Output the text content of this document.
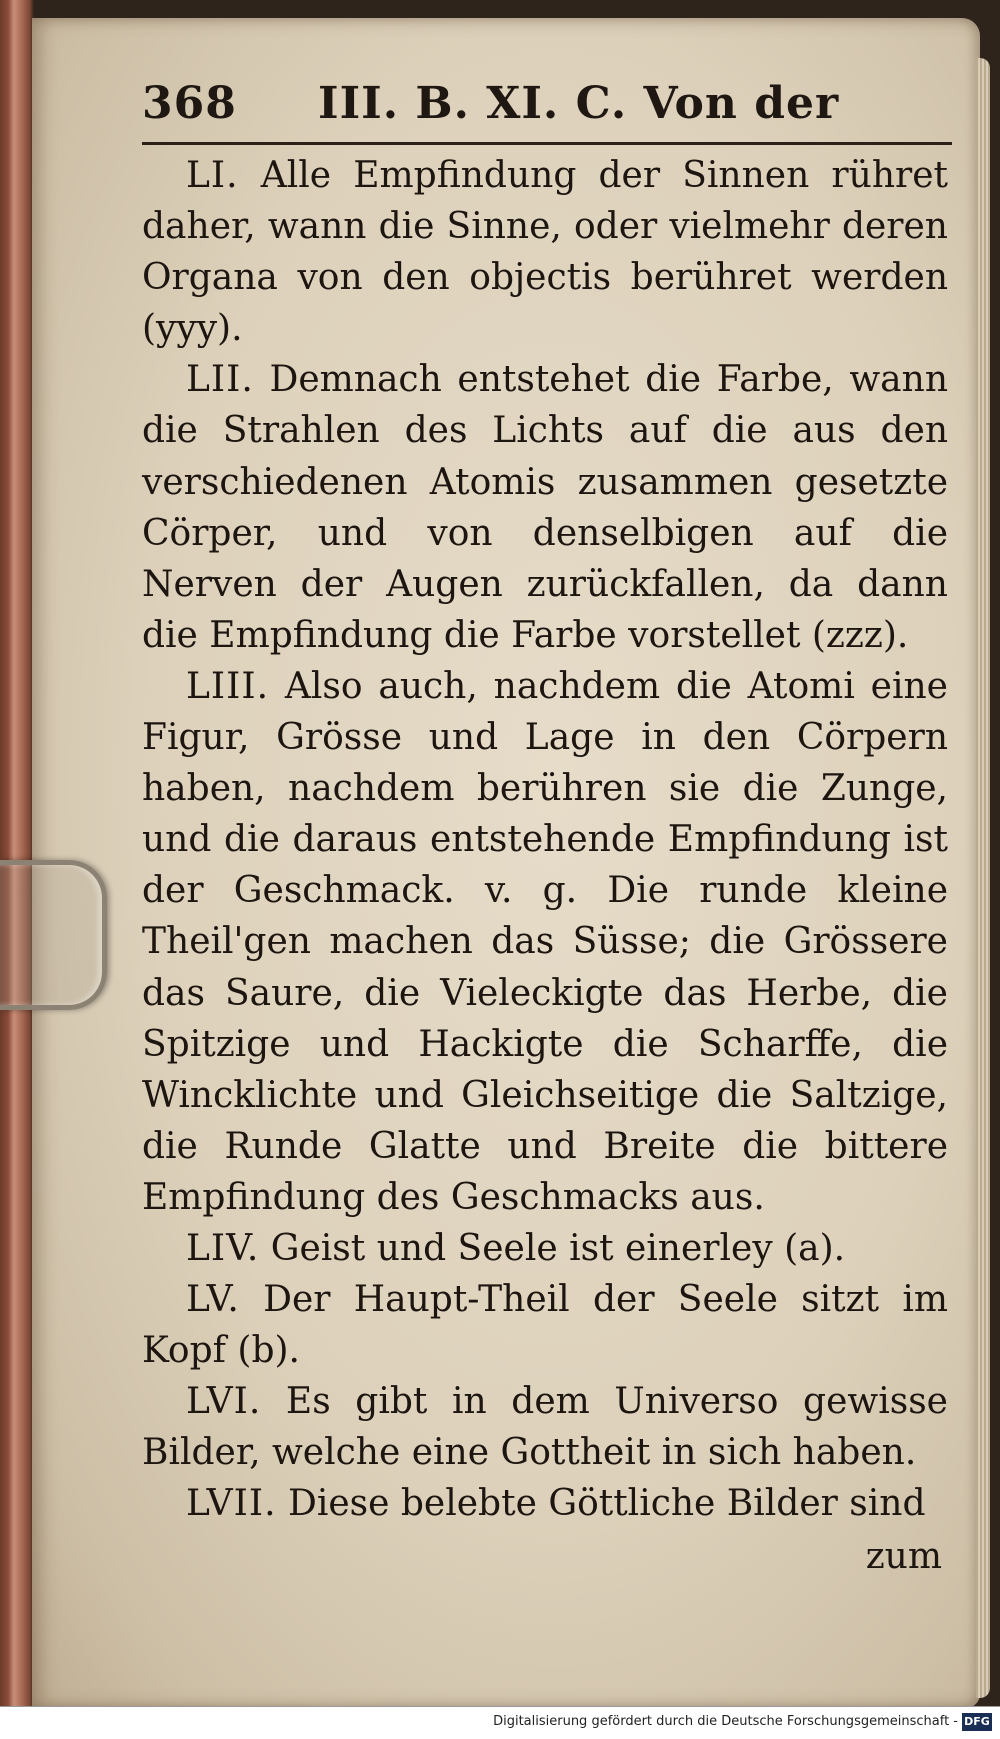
368 III. B. XI. C. Von der

LI. Alle Empfindung der Sinnen rühret daher, wann die Sinne, oder vielmehr deren Organa von den objectis berühret werden (yyy).

LII. Demnach entstehet die Farbe, wann die Strahlen des Lichts auf die aus den verschiedenen Atomis zusammen gesetzte Cörper, und von denselbigen auf die Nerven der Augen zurückfallen, da dann die Empfindung die Farbe vorstellet (zzz).

LIII. Also auch, nachdem die Atomi eine Figur, Grösse und Lage in den Cörpern haben, nachdem berühren sie die Zunge, und die daraus entstehende Empfindung ist der Geschmack. v. g. Die runde kleine Theil'gen machen das Süsse; die Grössere das Saure, die Vieleckigte das Herbe, die Spitzige und Hackigte die Scharffe, die Wincklichte und Gleichseitige die Saltzige, die Runde Glatte und Breite die bittere Empfindung des Geschmacks aus.

LIV. Geist und Seele ist einerley (a).

LV. Der Haupt-Theil der Seele sitzt im Kopf (b).

LVI. Es gibt in dem Universo gewisse Bilder, welche eine Gottheit in sich haben.

LVII. Diese belebte Göttliche Bilder sind

zum
Digitalisierung gefördert durch die Deutsche Forschungsgemeinschaft - DFG
